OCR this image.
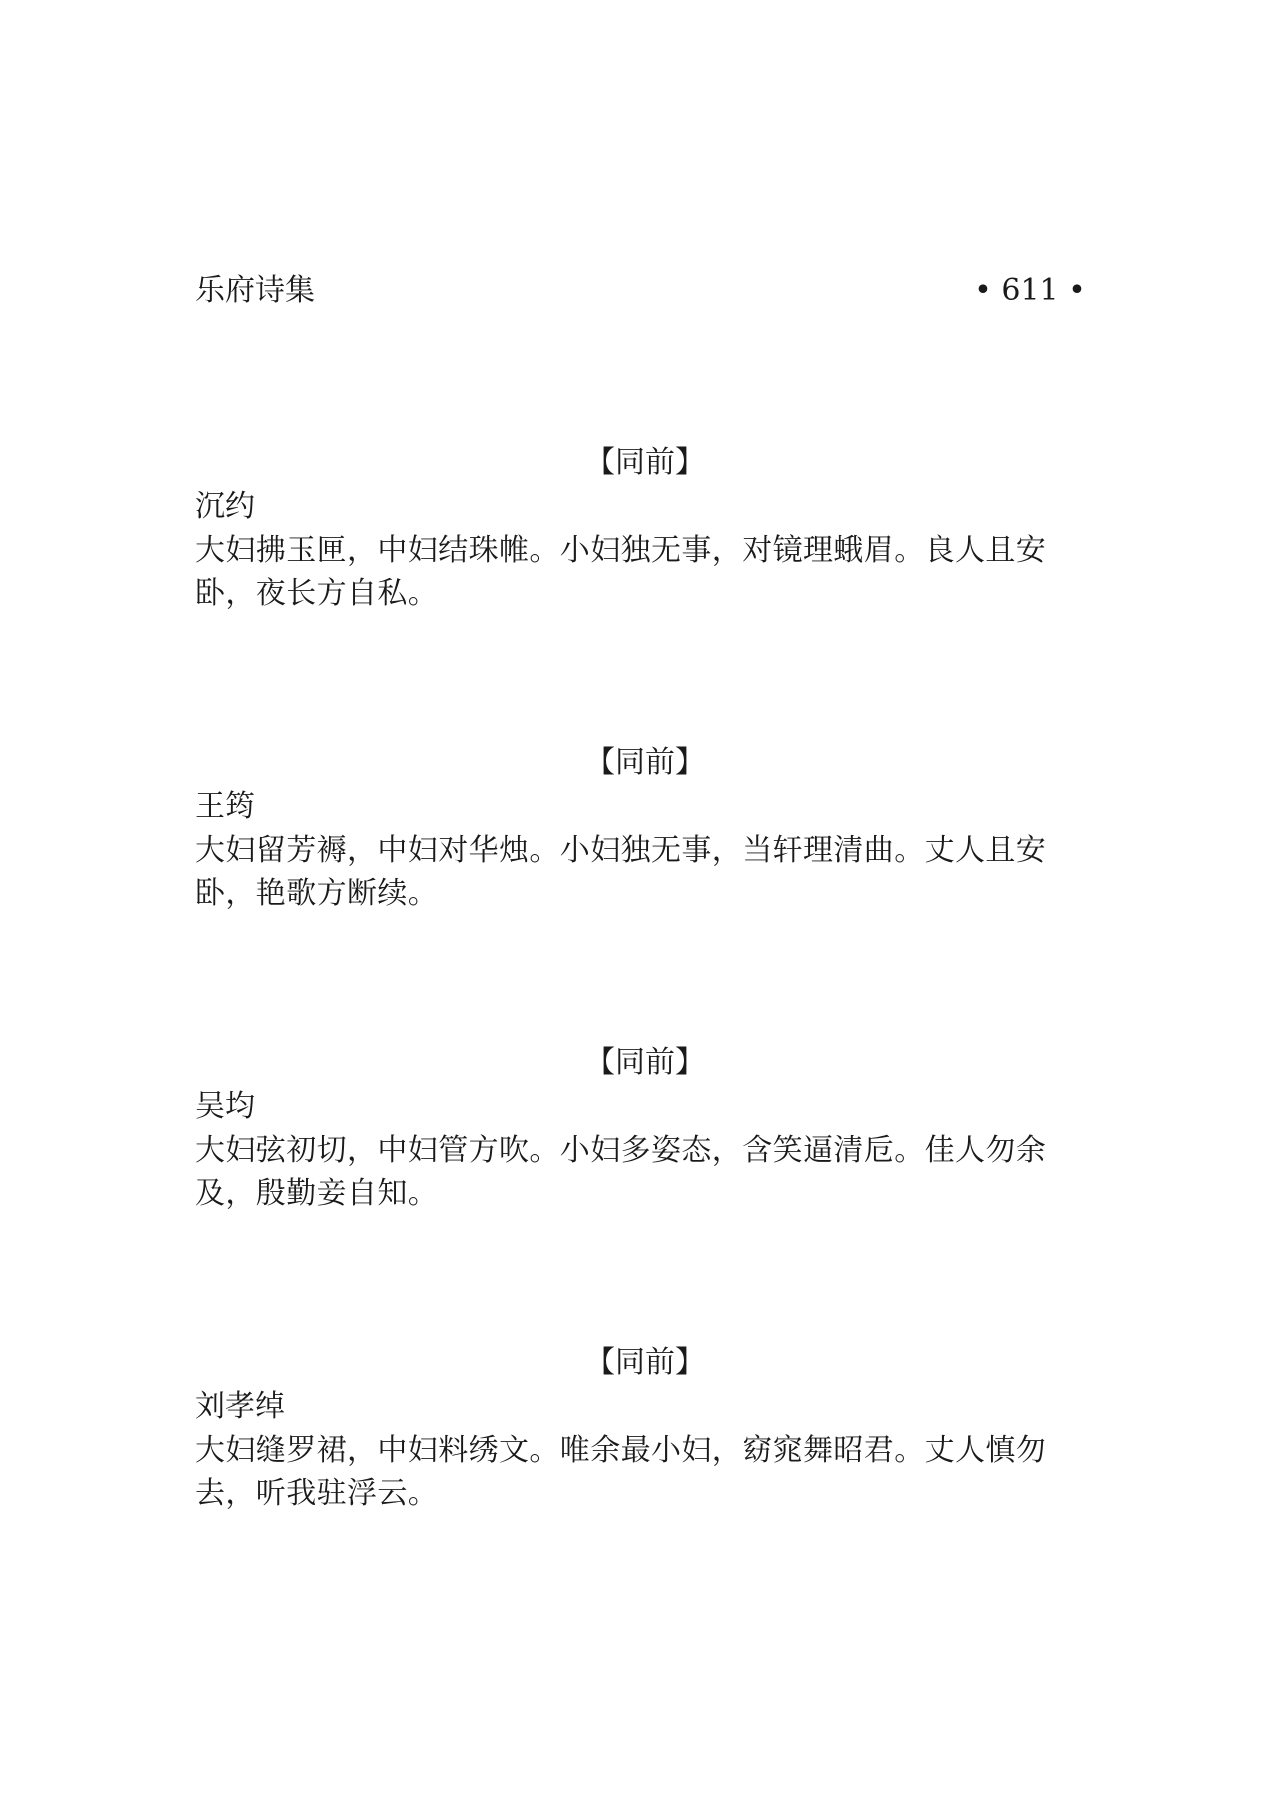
乐府诗集	• 611 •
【同前】
沉约

大妇拂玉匣，中妇结珠帷。小妇独无事，对镜理蛾眉。良人且安卧，夜长方自私。

【同前】
王筠

大妇留芳褥，中妇对华烛。小妇独无事，当轩理清曲。丈人且安卧，艳歌方断续。

【同前】
吴均

大妇弦初切，中妇管方吹。小妇多姿态，含笑逼清卮。佳人勿余及，殷勤妾自知。

【同前】
刘孝绰

大妇缝罗裙，中妇料绣文。唯余最小妇，窈窕舞昭君。丈人慎勿去，听我驻浮云。
